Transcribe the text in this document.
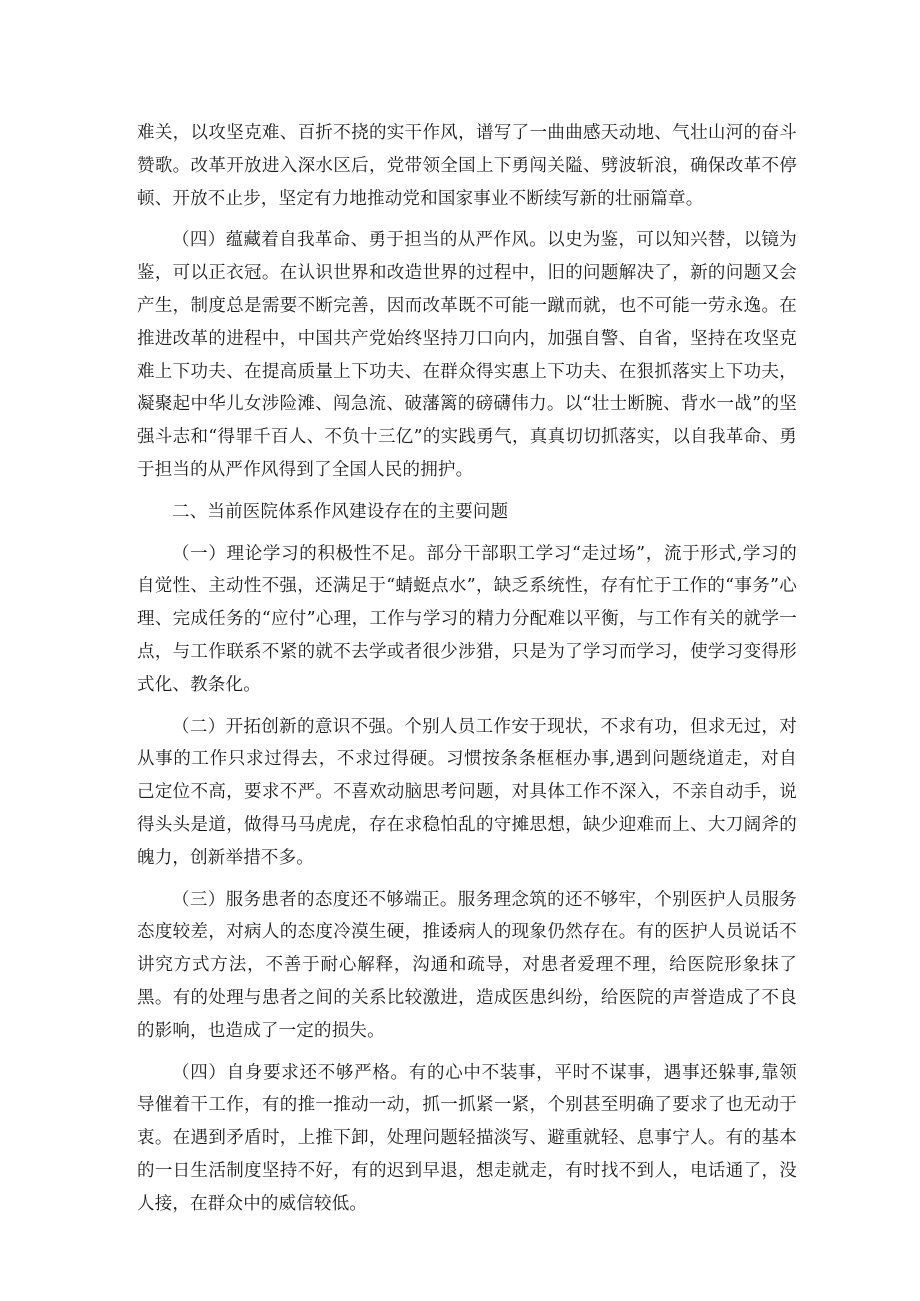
难关，以攻坚克难、百折不挠的实干作风，谱写了一曲曲感天动地、气壮山河的奋斗赞歌。改革开放进入深水区后，党带领全国上下勇闯关隘、劈波斩浪，确保改革不停顿、开放不止步，坚定有力地推动党和国家事业不断续写新的壮丽篇章。

（四）蕴藏着自我革命、勇于担当的从严作风。以史为鉴，可以知兴替，以镜为鉴，可以正衣冠。在认识世界和改造世界的过程中，旧的问题解决了，新的问题又会产生，制度总是需要不断完善，因而改革既不可能一蹴而就，也不可能一劳永逸。在推进改革的进程中，中国共产党始终坚持刀口向内，加强自警、自省，坚持在攻坚克难上下功夫、在提高质量上下功夫、在群众得实惠上下功夫、在狠抓落实上下功夫，凝聚起中华儿女涉险滩、闯急流、破藩篱的磅礴伟力。以“壮士断腕、背水一战”的坚强斗志和“得罪千百人、不负十三亿”的实践勇气，真真切切抓落实，以自我革命、勇于担当的从严作风得到了全国人民的拥护。

二、当前医院体系作风建设存在的主要问题

（一）理论学习的积极性不足。部分干部职工学习“走过场”，流于形式,学习的自觉性、主动性不强，还满足于“蜻蜓点水”，缺乏系统性，存有忙于工作的“事务”心理、完成任务的“应付”心理，工作与学习的精力分配难以平衡，与工作有关的就学一点，与工作联系不紧的就不去学或者很少涉猎，只是为了学习而学习，使学习变得形式化、教条化。

（二）开拓创新的意识不强。个别人员工作安于现状，不求有功，但求无过，对从事的工作只求过得去，不求过得硬。习惯按条条框框办事,遇到问题绕道走，对自己定位不高，要求不严。不喜欢动脑思考问题，对具体工作不深入，不亲自动手，说得头头是道，做得马马虎虎，存在求稳怕乱的守摊思想，缺少迎难而上、大刀阔斧的魄力，创新举措不多。

（三）服务患者的态度还不够端正。服务理念筑的还不够牢，个别医护人员服务态度较差，对病人的态度冷漠生硬，推诿病人的现象仍然存在。有的医护人员说话不讲究方式方法，不善于耐心解释，沟通和疏导，对患者爱理不理，给医院形象抹了黑。有的处理与患者之间的关系比较激进，造成医患纠纷，给医院的声誉造成了不良的影响，也造成了一定的损失。

（四）自身要求还不够严格。有的心中不装事，平时不谋事，遇事还躲事,靠领导催着干工作，有的推一推动一动，抓一抓紧一紧，个别甚至明确了要求了也无动于衷。在遇到矛盾时，上推下卸，处理问题轻描淡写、避重就轻、息事宁人。有的基本的一日生活制度坚持不好，有的迟到早退，想走就走，有时找不到人，电话通了，没人接，在群众中的威信较低。
